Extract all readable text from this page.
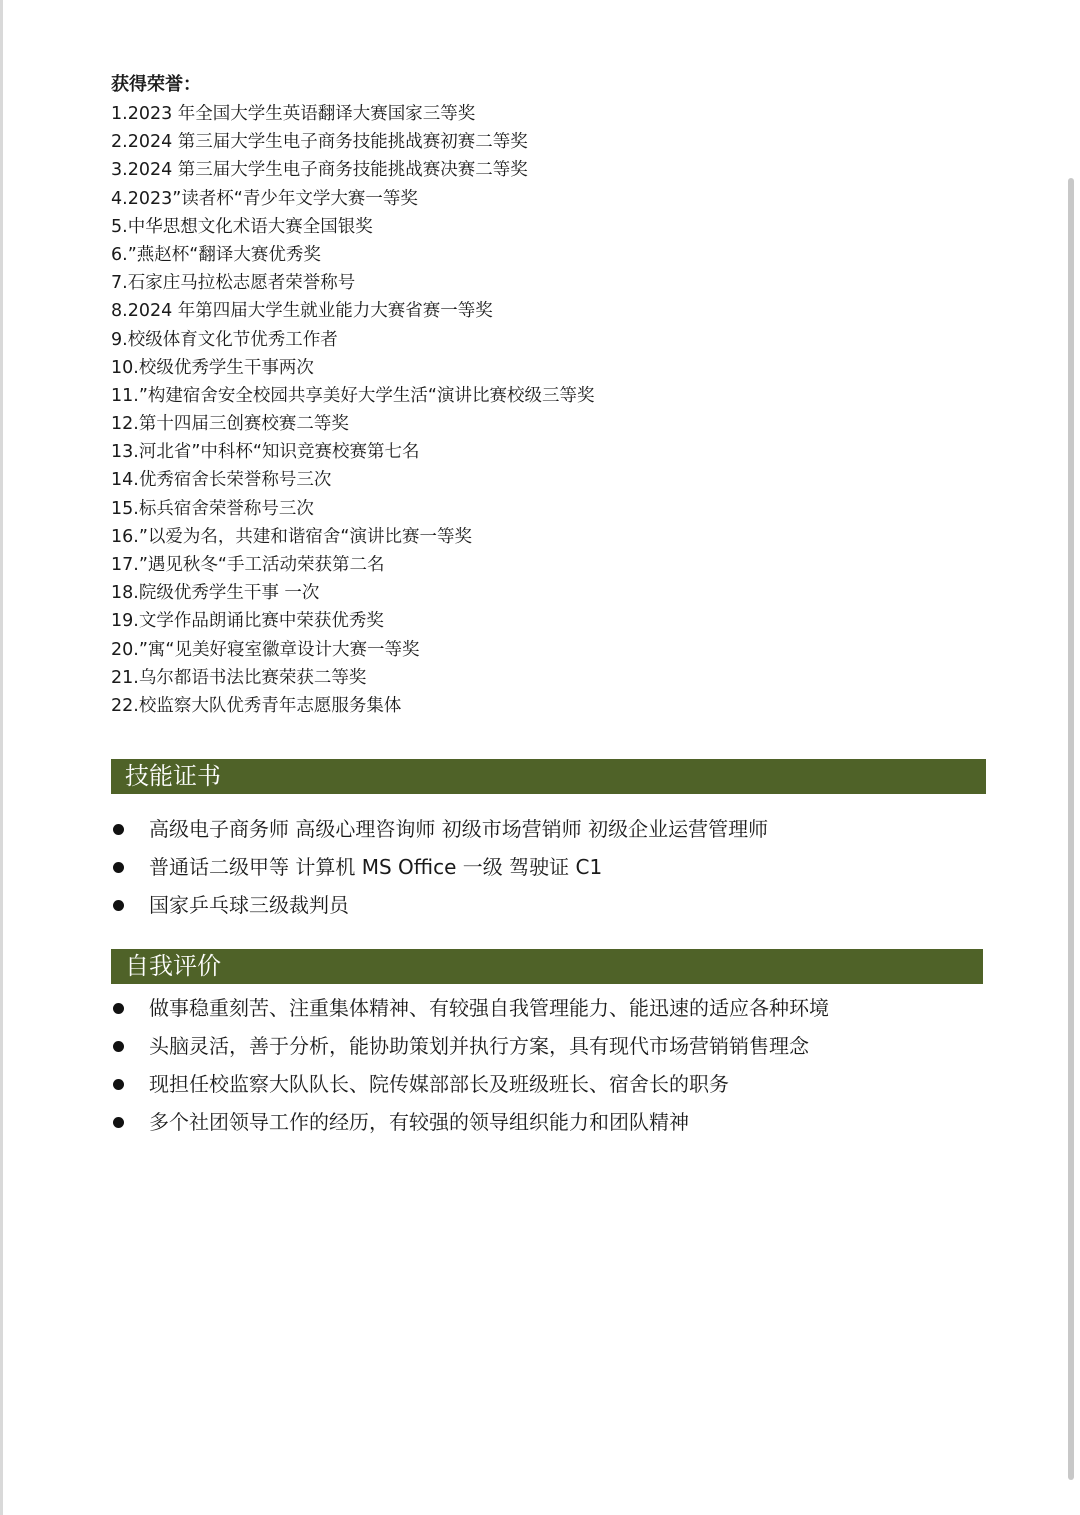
获得荣誉：
1.2023 年全国大学生英语翻译大赛国家三等奖
2.2024 第三届大学生电子商务技能挑战赛初赛二等奖
3.2024 第三届大学生电子商务技能挑战赛决赛二等奖
4.2023”读者杯“青少年文学大赛一等奖
5.中华思想文化术语大赛全国银奖
6.”燕赵杯“翻译大赛优秀奖
7.石家庄马拉松志愿者荣誉称号
8.2024 年第四届大学生就业能力大赛省赛一等奖
9.校级体育文化节优秀工作者
10.校级优秀学生干事两次
11.”构建宿舍安全校园共享美好大学生活“演讲比赛校级三等奖
12.第十四届三创赛校赛二等奖
13.河北省”中科杯“知识竞赛校赛第七名
14.优秀宿舍长荣誉称号三次
15.标兵宿舍荣誉称号三次
16.”以爱为名，共建和谐宿舍“演讲比赛一等奖
17.”遇见秋冬“手工活动荣获第二名
18.院级优秀学生干事 一次
19.文学作品朗诵比赛中荣获优秀奖
20.”寓“见美好寝室徽章设计大赛一等奖
21.乌尔都语书法比赛荣获二等奖
22.校监察大队优秀青年志愿服务集体
技能证书
高级电子商务师 高级心理咨询师 初级市场营销师 初级企业运营管理师
普通话二级甲等 计算机 MS Office 一级 驾驶证 C1
国家乒乓球三级裁判员
自我评价
做事稳重刻苦、注重集体精神、有较强自我管理能力、能迅速的适应各种环境
头脑灵活，善于分析，能协助策划并执行方案，具有现代市场营销销售理念
现担任校监察大队队长、院传媒部部长及班级班长、宿舍长的职务
多个社团领导工作的经历，有较强的领导组织能力和团队精神
